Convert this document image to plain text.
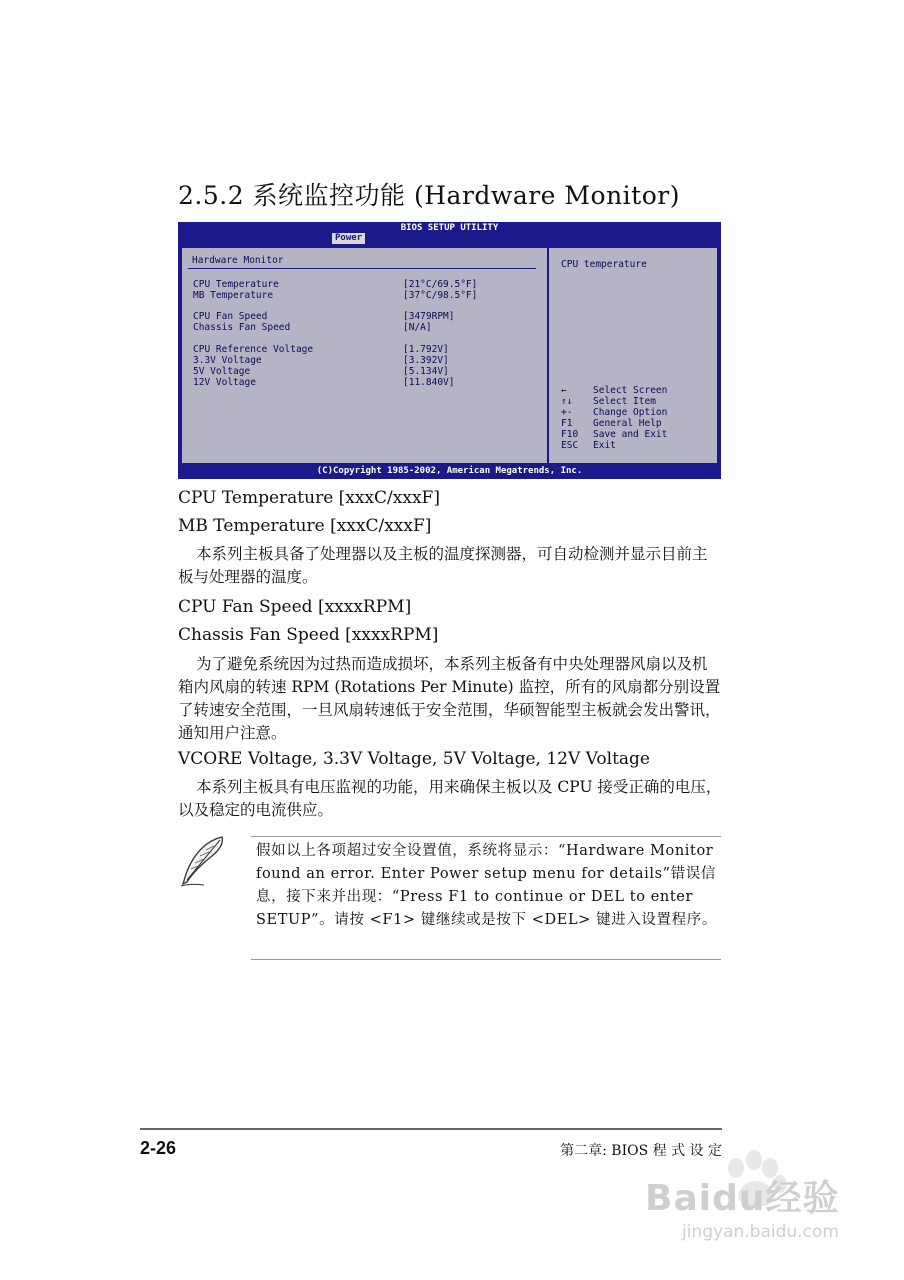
2.5.2 系统监控功能 (Hardware Monitor)
BIOS SETUP UTILITY
Power
Hardware Monitor
CPU Temperature	[21°C/69.5°F]
MB Temperature	[37°C/98.5°F]
CPU Fan Speed	[3479RPM]
Chassis Fan Speed	[N/A]
CPU Reference Voltage	[1.792V]
3.3V Voltage	[3.392V]
5V Voltage	[5.134V]
12V Voltage	[11.840V]
CPU temperature
←	Select Screen
↑↓ Select Item
+- Change Option
F1 General Help
F10 Save and Exit
ESC Exit
(C)Copyright 1985-2002, American Megatrends, Inc.
CPU Temperature [xxxC/xxxF]
MB Temperature [xxxC/xxxF]
本系列主板具备了处理器以及主板的温度探测器，可自动检测并显示目前主板与处理器的温度。
CPU Fan Speed [xxxxRPM]
Chassis Fan Speed [xxxxRPM]
为了避免系统因为过热而造成损坏，本系列主板备有中央处理器风扇以及机箱内风扇的转速 RPM (Rotations Per Minute) 监控，所有的风扇都分别设置了转速安全范围，一旦风扇转速低于安全范围，华硕智能型主板就会发出警讯，通知用户注意。
VCORE Voltage, 3.3V Voltage, 5V Voltage, 12V Voltage
本系列主板具有电压监视的功能，用来确保主板以及 CPU 接受正确的电压，以及稳定的电流供应。
假如以上各项超过安全设置值，系统将显示：“Hardware Monitor found an error. Enter Power setup menu for details”错误信息，接下来并出现：“Press F1 to continue or DEL to enter SETUP”。请按 <F1> 键继续或是按下 <DEL> 键进入设置程序。
2-26	第二章: BIOS 程 式 设 定
Baidu经验
jingyan.baidu.com
